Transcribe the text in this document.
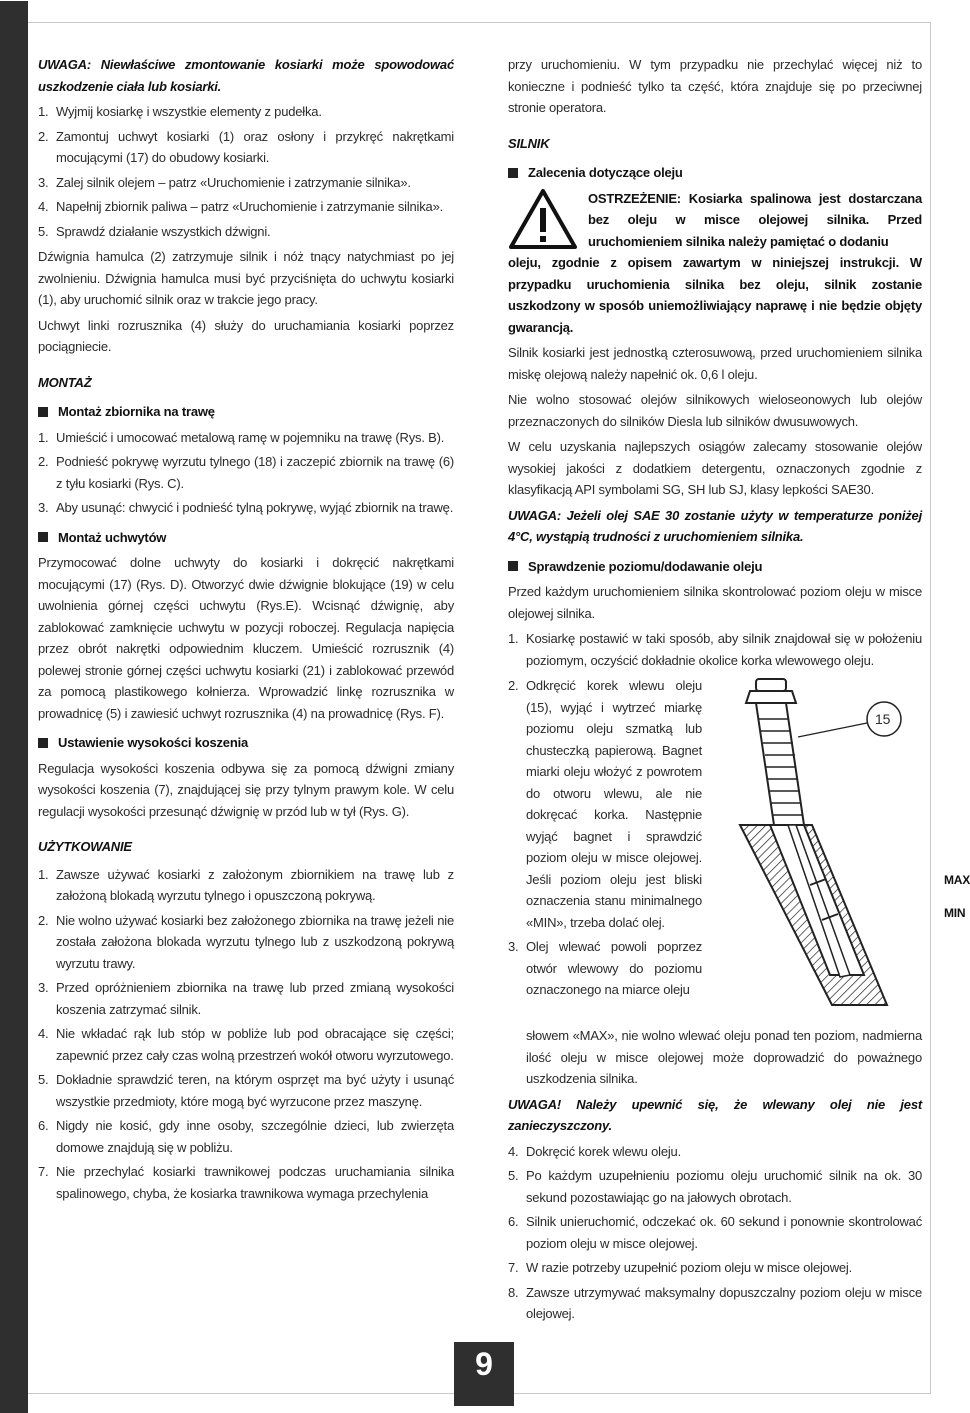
9

UWAGA: Niewłaściwe zmontowanie kosiarki może spowodować uszkodzenie ciała lub kosiarki.

1. Wyjmij kosiarkę i wszystkie elementy z pudełka.
2. Zamontuj uchwyt kosiarki (1) oraz osłony i przykręć nakrętkami mocującymi (17) do obudowy kosiarki.
3. Zalej silnik olejem – patrz «Uruchomienie i zatrzymanie silnika».
4. Napełnij zbiornik paliwa – patrz «Uruchomienie i zatrzymanie silnika».
5. Sprawdź działanie wszystkich dźwigni.

Dźwignia hamulca (2) zatrzymuje silnik i nóż tnący natychmiast po jej zwolnieniu. Dźwignia hamulca musi być przyciśnięta do uchwytu kosiarki (1), aby uruchomić silnik oraz w trakcie jego pracy.

Uchwyt linki rozrusznika (4) służy do uruchamiania kosiarki poprzez pociągniecie.

MONTAŻ
Montaż zbiornika na trawę
1. Umieścić i umocować metalową ramę w pojemniku na trawę (Rys. B).
2. Podnieść pokrywę wyrzutu tylnego (18) i zaczepić zbiornik na trawę (6) z tyłu kosiarki (Rys. C).
3. Aby usunąć: chwycić i podnieść tylną pokrywę, wyjąć zbiornik na trawę.
Montaż uchwytów

Przymocować dolne uchwyty do kosiarki i dokręcić nakrętkami mocującymi (17) (Rys. D). Otworzyć dwie dźwignie blokujące (19) w celu uwolnienia górnej części uchwytu (Rys.E). Wcisnąć dźwignię, aby zablokować zamknięcie uchwytu w pozycji roboczej. Regulacja napięcia przez obrót nakrętki odpowiednim kluczem. Umieścić rozrusznik (4) polewej stronie górnej części uchwytu kosiarki (21) i zablokować przewód za pomocą plastikowego kołnierza. Wprowadzić linkę rozrusznika w prowadnicę (5) i zawiesić uchwyt rozrusznika (4) na prowadnicę (Rys. F).

Ustawienie wysokości koszenia

Regulacja wysokości koszenia odbywa się za pomocą dźwigni zmiany wysokości koszenia (7), znajdującej się przy tylnym prawym kole. W celu regulacji wysokości przesunąć dźwignię w przód lub w tył (Rys. G).

UŻYTKOWANIE
1. Zawsze używać kosiarki z założonym zbiornikiem na trawę lub z założoną blokadą wyrzutu tylnego i opuszczoną pokrywą.
2. Nie wolno używać kosiarki bez założonego zbiornika na trawę jeżeli nie została założona blokada wyrzutu tylnego lub z uszkodzoną pokrywą wyrzutu trawy.
3. Przed opróżnieniem zbiornika na trawę lub przed zmianą wysokości koszenia zatrzymać silnik.
4. Nie wkładać rąk lub stóp w pobliże lub pod obracające się części; zapewnić przez cały czas wolną przestrzeń wokół otworu wyrzutowego.
5. Dokładnie sprawdzić teren, na którym osprzęt ma być użyty i usunąć wszystkie przedmioty, które mogą być wyrzucone przez maszynę.
6. Nigdy nie kosić, gdy inne osoby, szczególnie dzieci, lub zwierzęta domowe znajdują się w pobliżu.
7. Nie przechylać kosiarki trawnikowej podczas uruchamiania silnika spalinowego, chyba, że kosiarka trawnikowa wymaga przechylenia

przy uruchomieniu. W tym przypadku nie przechylać więcej niż to konieczne i podnieść tylko ta część, która znajduje się po przeciwnej stronie operatora.

SILNIK
Zalecenia dotyczące oleju
OSTRZEŻENIE: Kosiarka spalinowa jest dostarczana bez oleju w misce olejowej silnika. Przed uruchomieniem silnika należy pamiętać o dodaniu

oleju, zgodnie z opisem zawartym w niniejszej instrukcji. W przypadku uruchomienia silnika bez oleju, silnik zostanie uszkodzony w sposób uniemożliwiający naprawę i nie będzie objęty gwarancją.

Silnik kosiarki jest jednostką czterosuwową, przed uruchomieniem silnika miskę olejową należy napełnić ok. 0,6 l oleju.

Nie wolno stosować olejów silnikowych wieloseonowych lub olejów przeznaczonych do silników Diesla lub silników dwusuwowych.

W celu uzyskania najlepszych osiągów zalecamy stosowanie olejów wysokiej jakości z dodatkiem detergentu, oznaczonych zgodnie z klasyfikacją API symbolami SG, SH lub SJ, klasy lepkości SAE30.

UWAGA: Jeżeli olej SAE 30 zostanie użyty w temperaturze poniżej 4°C, wystąpią trudności z uruchomieniem silnika.

Sprawdzenie poziomu/dodawanie oleju

Przed każdym uruchomieniem silnika skontrolować poziom oleju w misce olejowej silnika.

1. Kosiarkę postawić w taki sposób, aby silnik znajdował się w położeniu poziomym, oczyścić dokładnie okolice korka wlewowego oleju.
2. Odkręcić korek wlewu oleju (15), wyjąć i wytrzeć miarkę poziomu oleju szmatką lub chusteczką papierową. Bagnet miarki oleju włożyć z powrotem do otworu wlewu, ale nie dokręcać korka. Następnie wyjąć bagnet i sprawdzić poziom oleju w misce olejowej. Jeśli poziom oleju jest bliski oznaczenia stanu minimalnego «MIN», trzeba dolać olej.
3. Olej wlewać powoli poprzez otwór wlewowy do poziomu oznaczonego na miarce oleju
15
MAX
MIN

słowem «MAX», nie wolno wlewać oleju ponad ten poziom, nadmierna ilość oleju w misce olejowej może doprowadzić do poważnego uszkodzenia silnika.

UWAGA! Należy upewnić się, że wlewany olej nie jest zanieczyszczony.

4. Dokręcić korek wlewu oleju.
5. Po każdym uzupełnieniu poziomu oleju uruchomić silnik na ok. 30 sekund pozostawiając go na jałowych obrotach.
6. Silnik unieruchomić, odczekać ok. 60 sekund i ponownie skontrolować poziom oleju w misce olejowej.
7. W razie potrzeby uzupełnić poziom oleju w misce olejowej.
8. Zawsze utrzymywać maksymalny dopuszczalny poziom oleju w misce olejowej.
